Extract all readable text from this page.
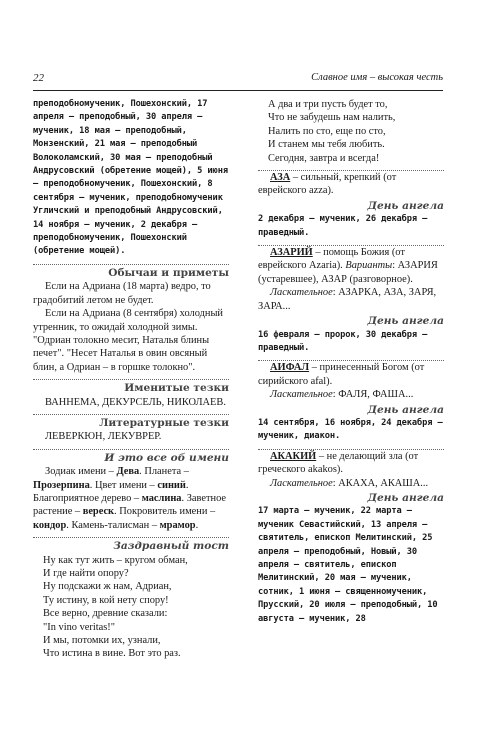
22	Славное имя – высокая честь

преподобномученик, Пошехонский, 17 апреля – преподобный, 30 апреля – мученик, 18 мая – преподобный, Монзенский, 21 мая – преподобный Волоколамский, 30 мая – преподобный Андрусовский (обретение мощей), 5 июня – преподобномученик, Пошехонский, 8 сентября – мученик, преподобномученик Угличский и преподобный Андрусовский, 14 ноября – мученик, 2 декабря – преподобномученик, Пошехонский (обретение мощей).

Обычаи и приметы

Если на Адриана (18 марта) ведро, то градобитий летом не будет.

Если на Адриана (8 сентября) холодный утренник, то ожидай холодной зимы. "Одриан толокно месит, Наталья блины печет". "Несет Наталья в овин овсяный блин, а Одриан – в горшке толокно".

Именитые тезки

ВАННЕМА, ДЕКУРСЕЛЬ, НИКОЛАЕВ.

Литературные тезки

ЛЕВЕРКЮН, ЛЕКУВРЕР.

И это все об имени

Зодиак имени – Дева. Планета – Прозерпина. Цвет имени – синий. Благоприятное дерево – маслина. Заветное растение – вереск. Покровитель имени – кондор. Камень-талисман – мрамор.

Заздравный тост

Ну как тут жить – кругом обман,

И где найти опору?

Ну подскажи ж нам, Адриан,

Ту истину, в кой нету спору!

Все верно, древние сказали:

"In vino veritas!"

И мы, потомки их, узнали,

Что истина в вине. Вот это раз.

А два и три пусть будет то,

Что не забудешь нам налить,

Налить по сто, еще по сто,

И станем мы тебя любить.

Сегодня, завтра и всегда!

АЗА – сильный, крепкий (от еврейского azza).

День ангела

2 декабря – мученик, 26 декабря – праведный.

АЗАРИЙ – помощь Божия (от еврейского Azaria). Варианты: АЗАРИЯ (устаревшее), АЗАР (разговорное).

Ласкательное: АЗАРКА, АЗА, ЗАРЯ, ЗАРА...

День ангела

16 февраля – пророк, 30 декабря – праведный.

АИФАЛ – принесенный Богом (от сирийского afal).

Ласкательное: ФАЛЯ, ФАША...

День ангела

14 сентября, 16 ноября, 24 декабря – мученик, диакон.

АКАКИЙ – не делающий зла (от греческого akakos).

Ласкательное: АКАХА, АКАША...

День ангела

17 марта – мученик, 22 марта – мученик Севастийский, 13 апреля – святитель, епископ Мелитинский, 25 апреля – преподобный, Новый, 30 апреля – святитель, епископ Мелитинский, 20 мая – мученик, сотник, 1 июня – священномученик, Прусский, 20 июля – преподобный, 10 августа – мученик, 28
